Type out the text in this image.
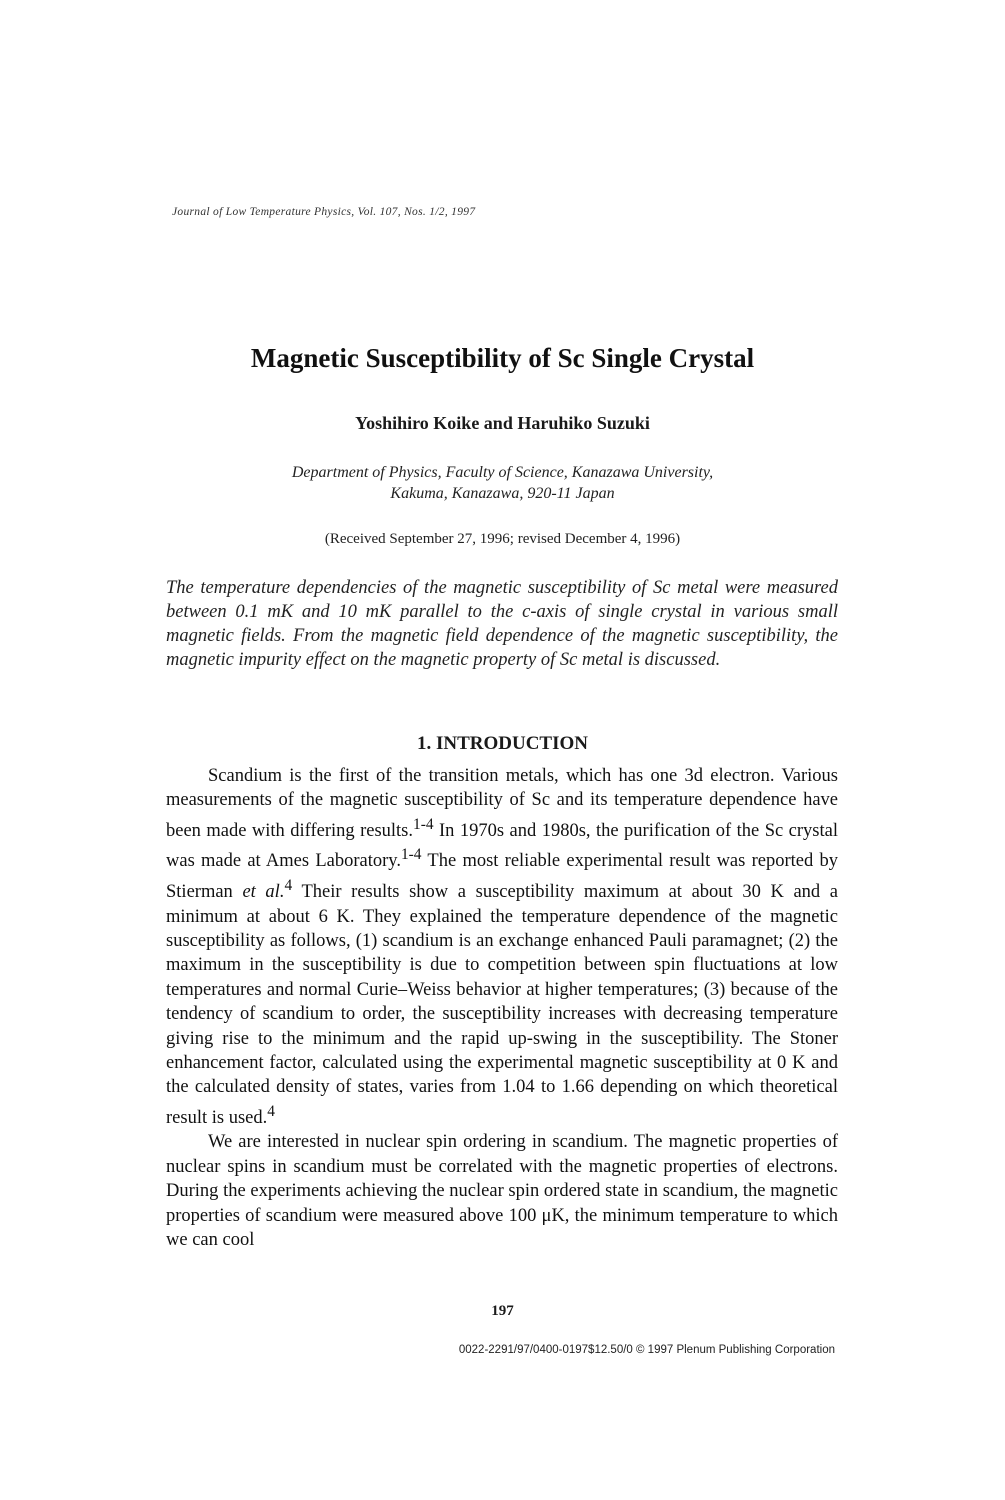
Journal of Low Temperature Physics, Vol. 107, Nos. 1/2, 1997
Magnetic Susceptibility of Sc Single Crystal
Yoshihiro Koike and Haruhiko Suzuki
Department of Physics, Faculty of Science, Kanazawa University,
Kakuma, Kanazawa, 920-11 Japan
(Received September 27, 1996; revised December 4, 1996)
The temperature dependencies of the magnetic susceptibility of Sc metal were measured between 0.1 mK and 10 mK parallel to the c-axis of single crystal in various small magnetic fields. From the magnetic field dependence of the magnetic susceptibility, the magnetic impurity effect on the magnetic property of Sc metal is discussed.
1. INTRODUCTION

Scandium is the first of the transition metals, which has one 3d electron. Various measurements of the magnetic susceptibility of Sc and its temperature dependence have been made with differing results.$^{1-4}$ In 1970s and 1980s, the purification of the Sc crystal was made at Ames Laboratory.$^{1-4}$ The most reliable experimental result was reported by Stierman et al.$^4$ Their results show a susceptibility maximum at about 30 K and a minimum at about 6 K. They explained the temperature dependence of the magnetic susceptibility as follows, (1) scandium is an exchange enhanced Pauli paramagnet; (2) the maximum in the susceptibility is due to competition between spin fluctuations at low temperatures and normal Curie–Weiss behavior at higher temperatures; (3) because of the tendency of scandium to order, the susceptibility increases with decreasing temperature giving rise to the minimum and the rapid up-swing in the susceptibility. The Stoner enhancement factor, calculated using the experimental magnetic susceptibility at 0 K and the calculated density of states, varies from 1.04 to 1.66 depending on which theoretical result is used.$^4$

We are interested in nuclear spin ordering in scandium. The magnetic properties of nuclear spins in scandium must be correlated with the magnetic properties of electrons. During the experiments achieving the nuclear spin ordered state in scandium, the magnetic properties of scandium were measured above 100 μK, the minimum temperature to which we can cool

197
0022-2291/97/0400-0197$12.50/0 © 1997 Plenum Publishing Corporation
